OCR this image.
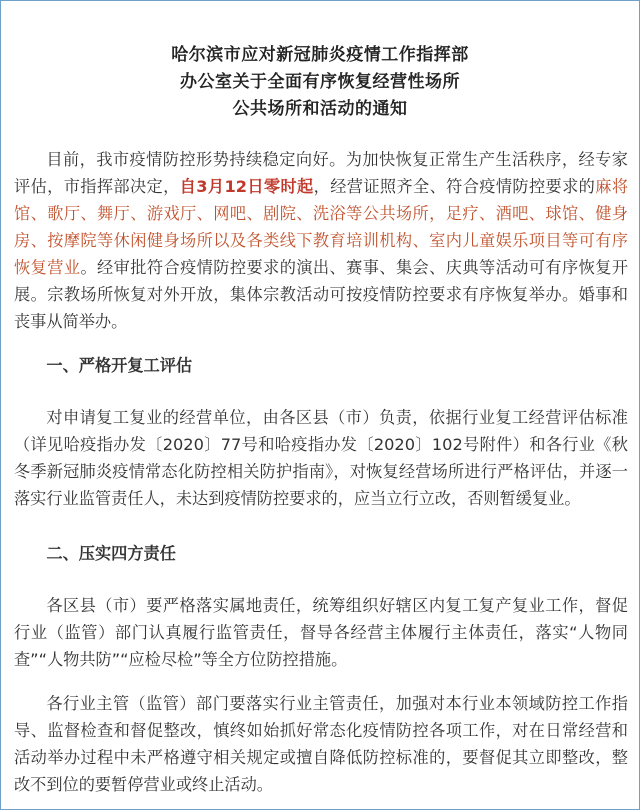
哈尔滨市应对新冠肺炎疫情工作指挥部
办公室关于全面有序恢复经营性场所
公共场所和活动的通知

目前，我市疫情防控形势持续稳定向好。为加快恢复正常生产生活秩序，经专家评估，市指挥部决定，自3月12日零时起，经营证照齐全、符合疫情防控要求的麻将馆、歌厅、舞厅、游戏厅、网吧、剧院、洗浴等公共场所，足疗、酒吧、球馆、健身房、按摩院等休闲健身场所以及各类线下教育培训机构、室内儿童娱乐项目等可有序恢复营业。经审批符合疫情防控要求的演出、赛事、集会、庆典等活动可有序恢复开展。宗教场所恢复对外开放，集体宗教活动可按疫情防控要求有序恢复举办。婚事和丧事从简举办。

一、严格开复工评估

对申请复工复业的经营单位，由各区县（市）负责，依据行业复工经营评估标准（详见哈疫指办发〔2020〕77号和哈疫指办发〔2020〕102号附件）和各行业《秋冬季新冠肺炎疫情常态化防控相关防护指南》，对恢复经营场所进行严格评估，并逐一落实行业监管责任人，未达到疫情防控要求的，应当立行立改，否则暂缓复业。

二、压实四方责任

各区县（市）要严格落实属地责任，统筹组织好辖区内复工复产复业工作，督促行业（监管）部门认真履行监管责任，督导各经营主体履行主体责任，落实“人物同查”“人物共防”“应检尽检”等全方位防控措施。

各行业主管（监管）部门要落实行业主管责任，加强对本行业本领域防控工作指导、监督检查和督促整改，慎终如始抓好常态化疫情防控各项工作，对在日常经营和活动举办过程中未严格遵守相关规定或擅自降低防控标准的，要督促其立即整改，整改不到位的要暂停营业或终止活动。
